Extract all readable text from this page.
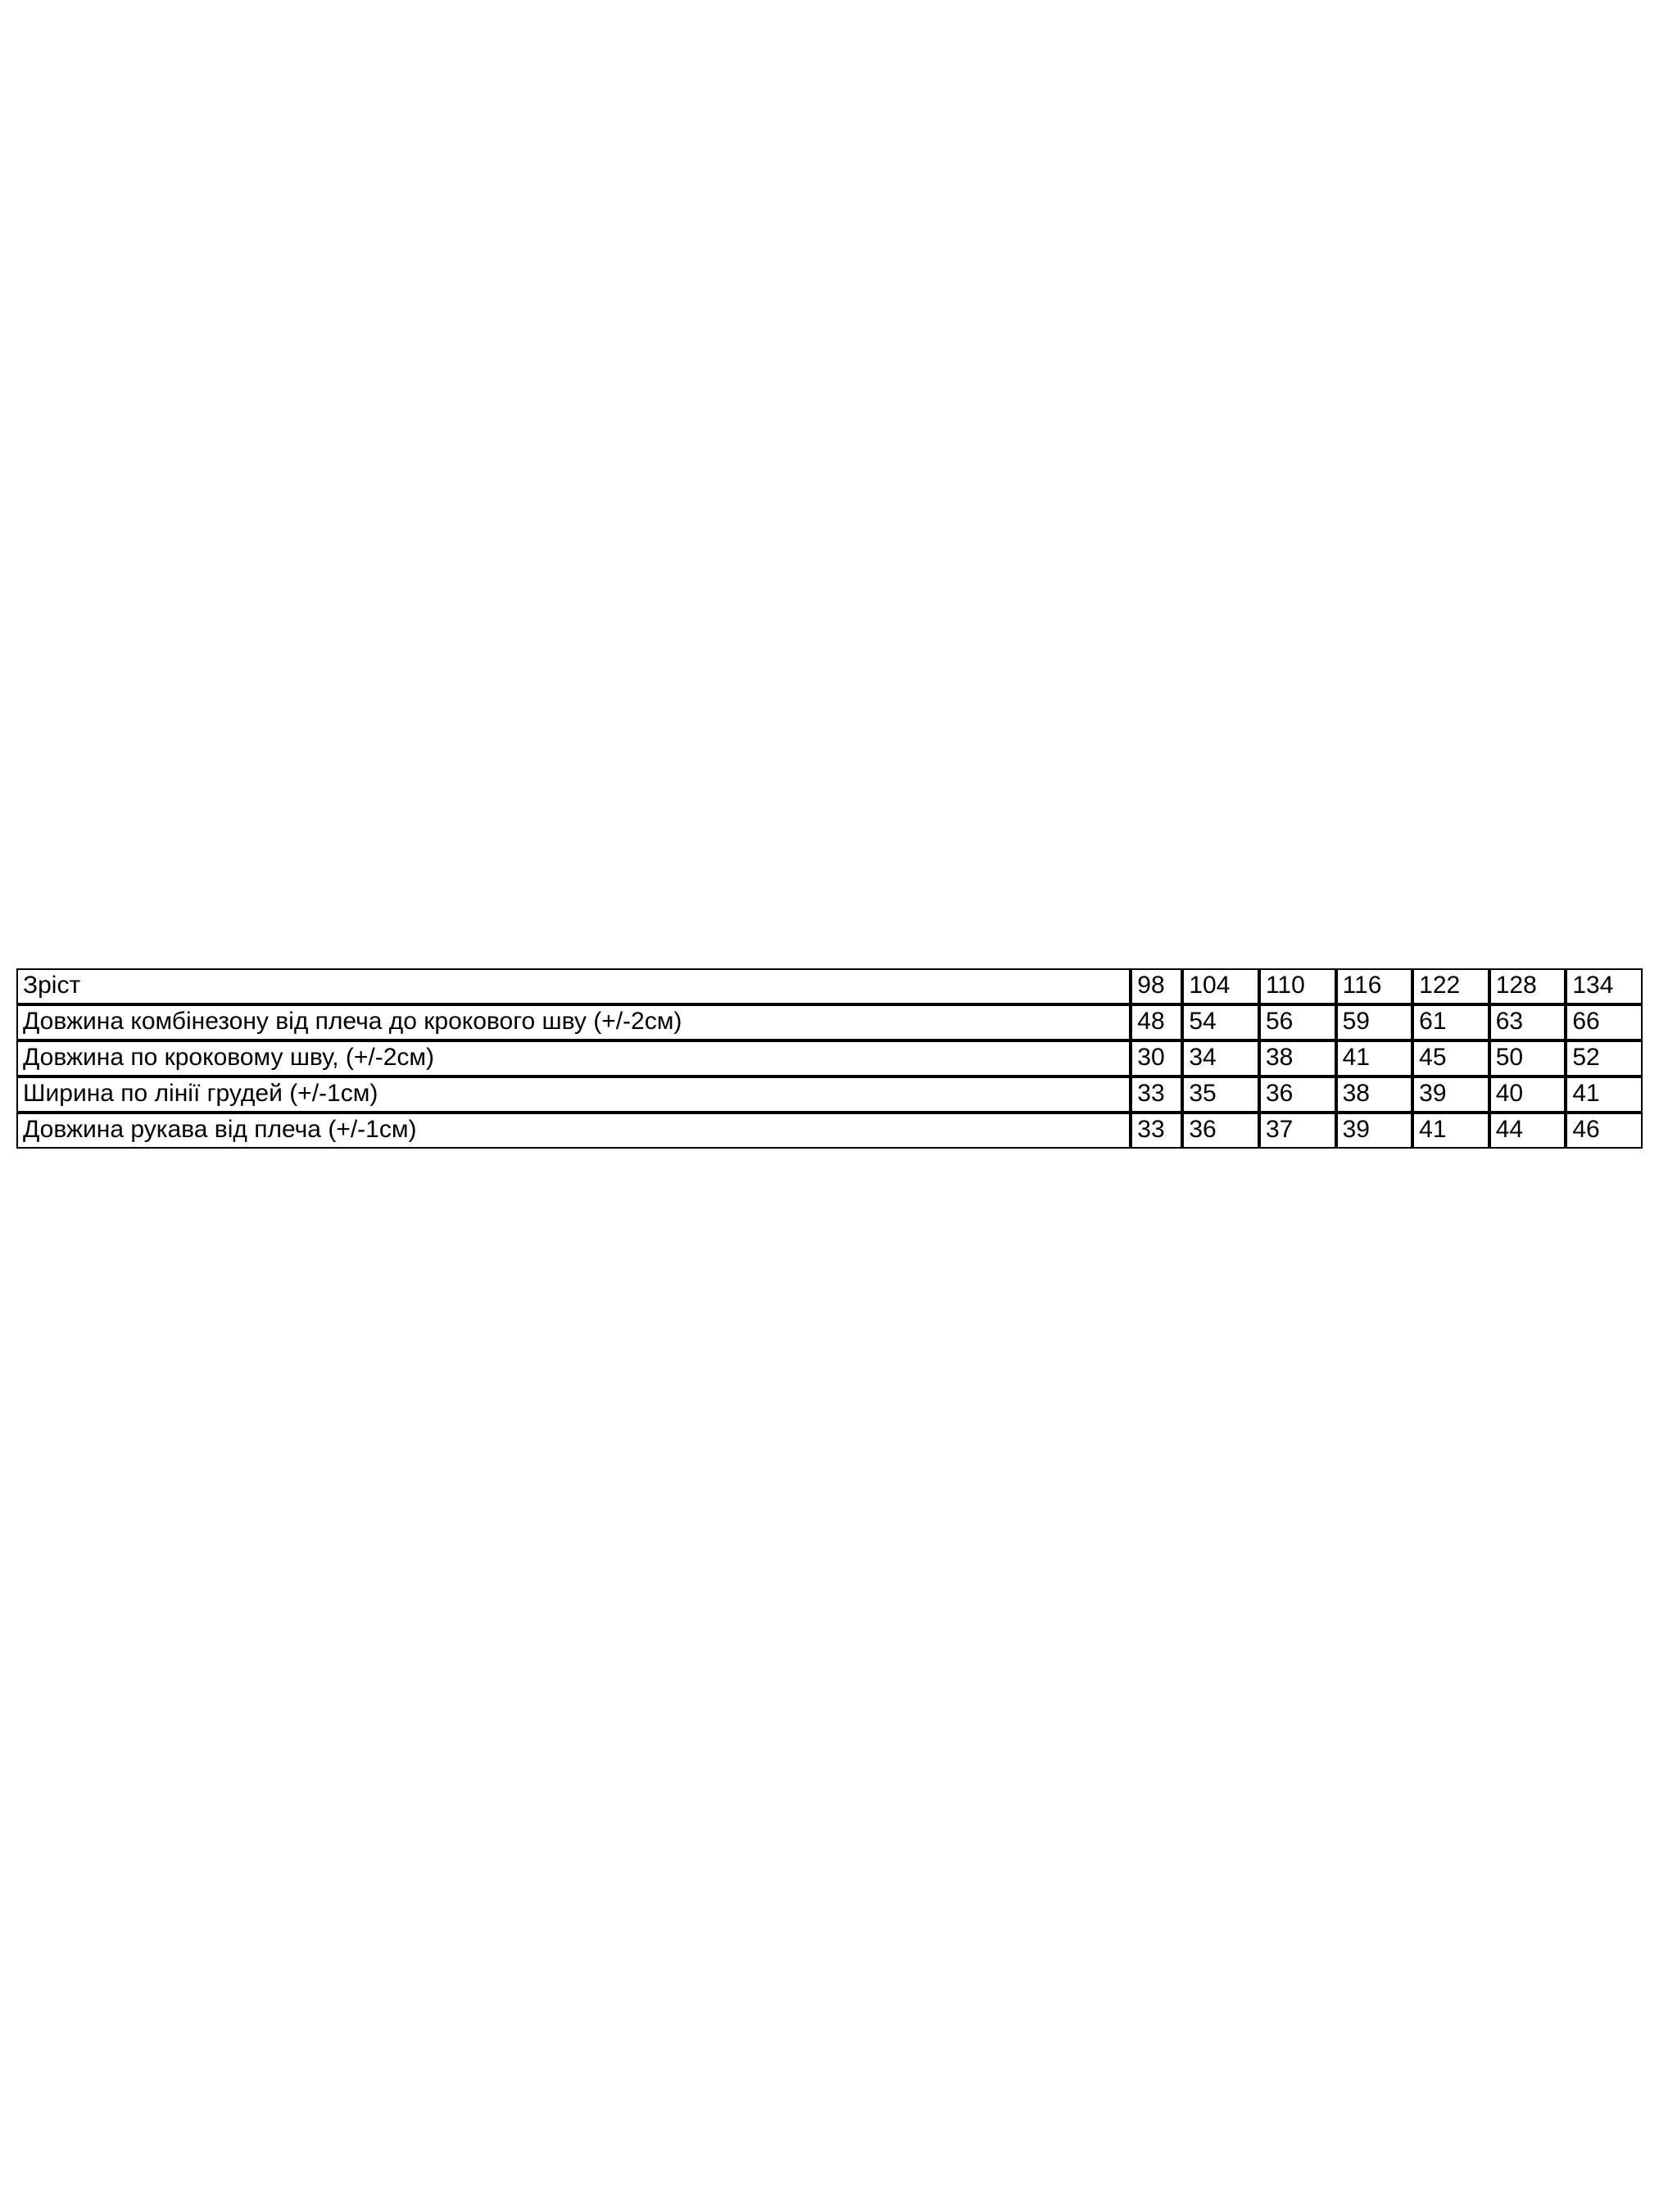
Зріст	98	104	110	116	122	128	134
Довжина комбінезону від плеча до крокового шву (+/-2см)	48	54	56	59	61	63	66
Довжина по кроковому шву, (+/-2см)	30	34	38	41	45	50	52
Ширина по лінії грудей (+/-1см)	33	35	36	38	39	40	41
Довжина рукава від плеча (+/-1см)	33	36	37	39	41	44	46
